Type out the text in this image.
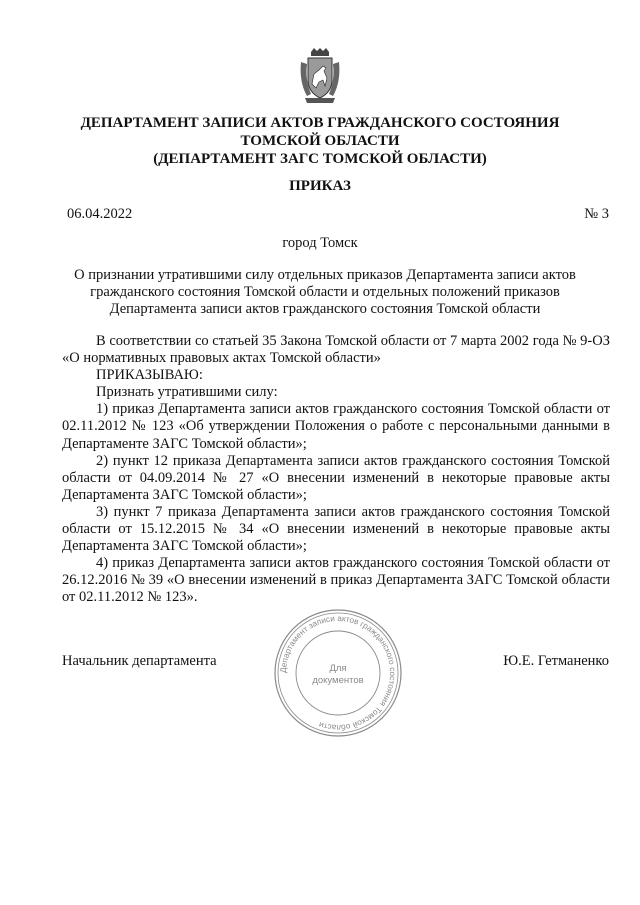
ДЕПАРТАМЕНТ ЗАПИСИ АКТОВ ГРАЖДАНСКОГО СОСТОЯНИЯ
ТОМСКОЙ ОБЛАСТИ
(ДЕПАРТАМЕНТ ЗАГС ТОМСКОЙ ОБЛАСТИ)
ПРИКАЗ
06.04.2022	№ 3
город Томск
О признании утратившими силу отдельных приказов Департамента записи актов
гражданского состояния Томской области и отдельных положений приказов
Департамента записи актов гражданского состояния Томской области
В соответствии со статьей 35 Закона Томской области от 7 марта 2002 года № 9-ОЗ «О нормативных правовых актах Томской области»
ПРИКАЗЫВАЮ:
Признать утратившими силу:
1) приказ Департамента записи актов гражданского состояния Томской области от 02.11.2012 № 123 «Об утверждении Положения о работе с персональными данными в Департаменте ЗАГС Томской области»;
2) пункт 12 приказа Департамента записи актов гражданского состояния Томской области от 04.09.2014 № 27 «О внесении изменений в некоторые правовые акты Департамента ЗАГС Томской области»;
3) пункт 7 приказа Департамента записи актов гражданского состояния Томской области от 15.12.2015 № 34 «О внесении изменений в некоторые правовые акты Департамента ЗАГС Томской области»;
4) приказ Департамента записи актов гражданского состояния Томской области от 26.12.2016 № 39 «О внесении изменений в приказ Департамента ЗАГС Томской области от 02.11.2012 № 123».
Начальник департамента	Ю.Е. Гетманенко
Департамент записи актов гражданского состояния Томской области
Для
документов
